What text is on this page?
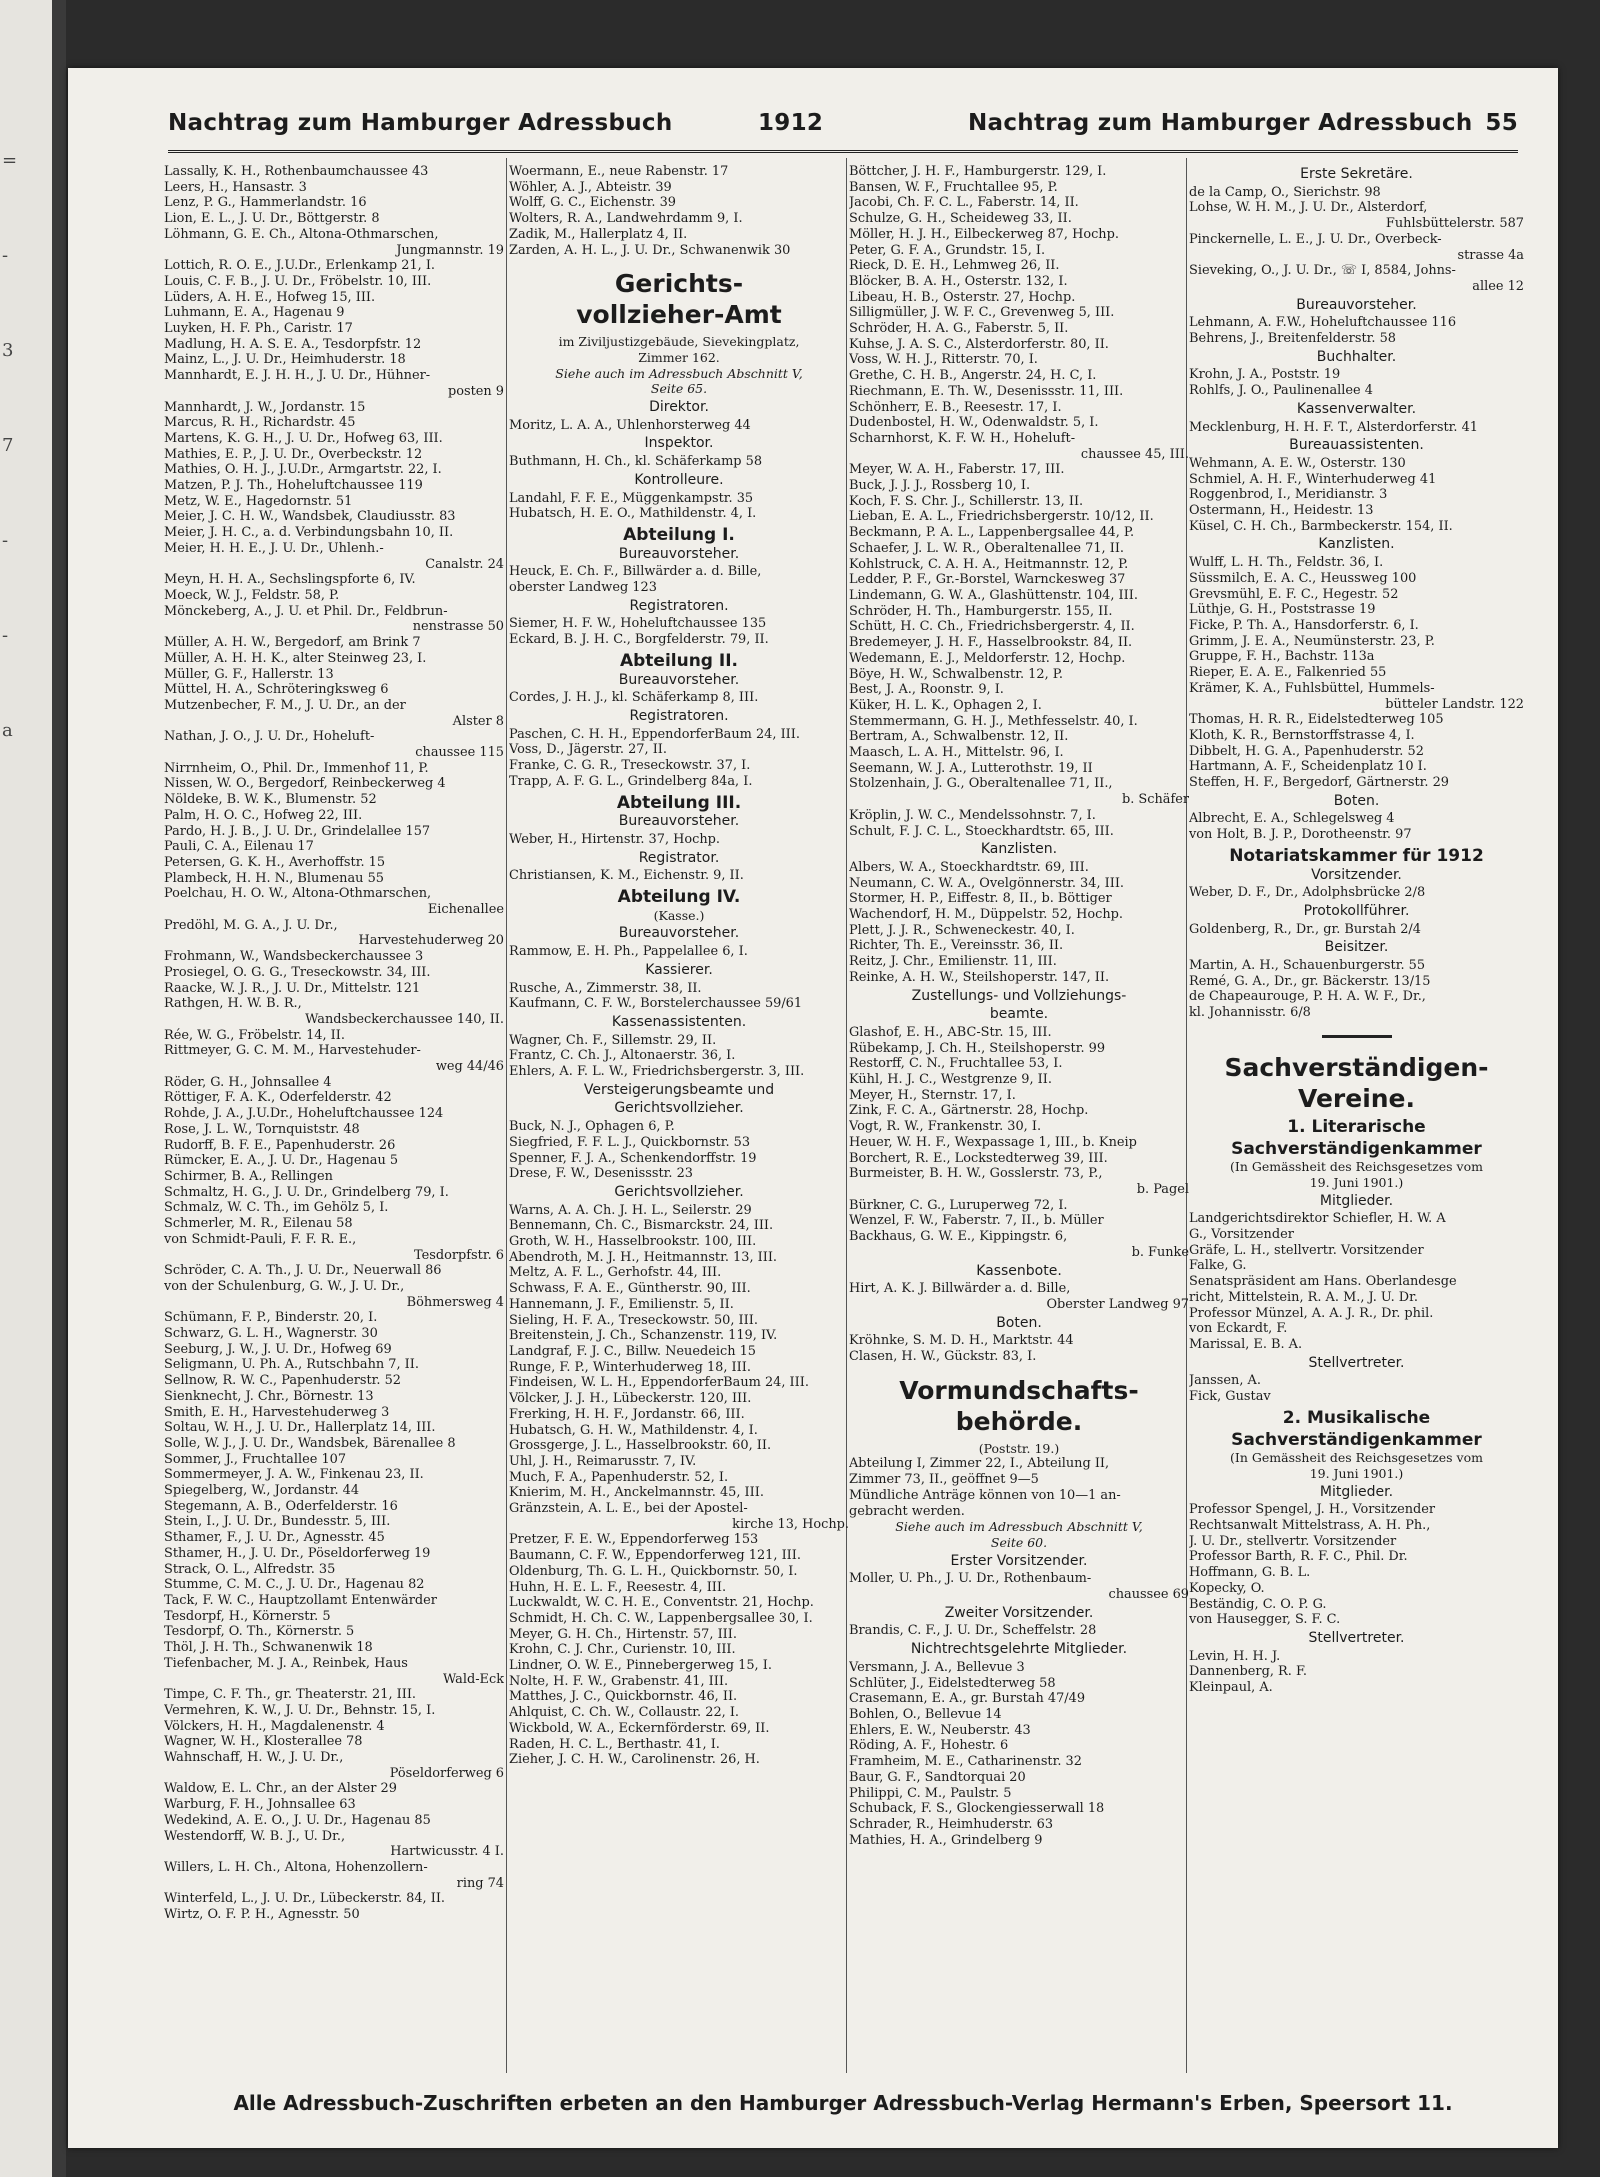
=
-
3
7
-
-
a
Nachtrag zum Hamburger Adressbuch	1912	Nachtrag zum Hamburger Adressbuch 55
Lassally, K. H., Rothenbaumchaussee 43
Leers, H., Hansastr. 3
Lenz, P. G., Hammerlandstr. 16
Lion, E. L., J. U. Dr., Böttgerstr. 8
Löhmann, G. E. Ch., Altona-Othmarschen,
Jungmannstr. 19
Lottich, R. O. E., J.U.Dr., Erlenkamp 21, I.
Louis, C. F. B., J. U. Dr., Fröbelstr. 10, III.
Lüders, A. H. E., Hofweg 15, III.
Luhmann, E. A., Hagenau 9
Luyken, H. F. Ph., Caristr. 17
Madlung, H. A. S. E. A., Tesdorpfstr. 12
Mainz, L., J. U. Dr., Heimhuderstr. 18
Mannhardt, E. J. H. H., J. U. Dr., Hühner-
posten 9
Mannhardt, J. W., Jordanstr. 15
Marcus, R. H., Richardstr. 45
Martens, K. G. H., J. U. Dr., Hofweg 63, III.
Mathies, E. P., J. U. Dr., Overbeckstr. 12
Mathies, O. H. J., J.U.Dr., Armgartstr. 22, I.
Matzen, P. J. Th., Hoheluftchaussee 119
Metz, W. E., Hagedornstr. 51
Meier, J. C. H. W., Wandsbek, Claudiusstr. 83
Meier, J. H. C., a. d. Verbindungsbahn 10, II.
Meier, H. H. E., J. U. Dr., Uhlenh.-
Canalstr. 24
Meyn, H. H. A., Sechslingspforte 6, IV.
Moeck, W. J., Feldstr. 58, P.
Mönckeberg, A., J. U. et Phil. Dr., Feldbrun-
nenstrasse 50
Müller, A. H. W., Bergedorf, am Brink 7
Müller, A. H. H. K., alter Steinweg 23, I.
Müller, G. F., Hallerstr. 13
Müttel, H. A., Schröteringksweg 6
Mutzenbecher, F. M., J. U. Dr., an der
Alster 8
Nathan, J. O., J. U. Dr., Hoheluft-
chaussee 115
Nirrnheim, O., Phil. Dr., Immenhof 11, P.
Nissen, W. O., Bergedorf, Reinbeckerweg 4
Nöldeke, B. W. K., Blumenstr. 52
Palm, H. O. C., Hofweg 22, III.
Pardo, H. J. B., J. U. Dr., Grindelallee 157
Pauli, C. A., Eilenau 17
Petersen, G. K. H., Averhoffstr. 15
Plambeck, H. H. N., Blumenau 55
Poelchau, H. O. W., Altona-Othmarschen,
Eichenallee
Predöhl, M. G. A., J. U. Dr.,
Harvestehuderweg 20
Frohmann, W., Wandsbeckerchaussee 3
Prosiegel, O. G. G., Treseckowstr. 34, III.
Raacke, W. J. R., J. U. Dr., Mittelstr. 121
Rathgen, H. W. B. R.,
Wandsbeckerchaussee 140, II.
Rée, W. G., Fröbelstr. 14, II.
Rittmeyer, G. C. M. M., Harvestehuder-
weg 44/46
Röder, G. H., Johnsallee 4
Röttiger, F. A. K., Oderfelderstr. 42
Rohde, J. A., J.U.Dr., Hoheluftchaussee 124
Rose, J. L. W., Tornquiststr. 48
Rudorff, B. F. E., Papenhuderstr. 26
Rümcker, E. A., J. U. Dr., Hagenau 5
Schirmer, B. A., Rellingen
Schmaltz, H. G., J. U. Dr., Grindelberg 79, I.
Schmalz, W. C. Th., im Gehölz 5, I.
Schmerler, M. R., Eilenau 58
von Schmidt-Pauli, F. F. R. E.,
Tesdorpfstr. 6
Schröder, C. A. Th., J. U. Dr., Neuerwall 86
von der Schulenburg, G. W., J. U. Dr.,
Böhmersweg 4
Schümann, F. P., Binderstr. 20, I.
Schwarz, G. L. H., Wagnerstr. 30
Seeburg, J. W., J. U. Dr., Hofweg 69
Seligmann, U. Ph. A., Rutschbahn 7, II.
Sellnow, R. W. C., Papenhuderstr. 52
Sienknecht, J. Chr., Börnestr. 13
Smith, E. H., Harvestehuderweg 3
Soltau, W. H., J. U. Dr., Hallerplatz 14, III.
Solle, W. J., J. U. Dr., Wandsbek, Bärenallee 8
Sommer, J., Fruchtallee 107
Sommermeyer, J. A. W., Finkenau 23, II.
Spiegelberg, W., Jordanstr. 44
Stegemann, A. B., Oderfelderstr. 16
Stein, I., J. U. Dr., Bundesstr. 5, III.
Sthamer, F., J. U. Dr., Agnesstr. 45
Sthamer, H., J. U. Dr., Pöseldorferweg 19
Strack, O. L., Alfredstr. 35
Stumme, C. M. C., J. U. Dr., Hagenau 82
Tack, F. W. C., Hauptzollamt Entenwärder
Tesdorpf, H., Körnerstr. 5
Tesdorpf, O. Th., Körnerstr. 5
Thöl, J. H. Th., Schwanenwik 18
Tiefenbacher, M. J. A., Reinbek, Haus
Wald-Eck
Timpe, C. F. Th., gr. Theaterstr. 21, III.
Vermehren, K. W., J. U. Dr., Behnstr. 15, I.
Völckers, H. H., Magdalenenstr. 4
Wagner, W. H., Klosterallee 78
Wahnschaff, H. W., J. U. Dr.,
Pöseldorferweg 6
Waldow, E. L. Chr., an der Alster 29
Warburg, F. H., Johnsallee 63
Wedekind, A. E. O., J. U. Dr., Hagenau 85
Westendorff, W. B. J., U. Dr.,
Hartwicusstr. 4 I.
Willers, L. H. Ch., Altona, Hohenzollern-
ring 74
Winterfeld, L., J. U. Dr., Lübeckerstr. 84, II.
Wirtz, O. F. P. H., Agnesstr. 50
Woermann, E., neue Rabenstr. 17
Wöhler, A. J., Abteistr. 39
Wolff, G. C., Eichenstr. 39
Wolters, R. A., Landwehrdamm 9, I.
Zadik, M., Hallerplatz 4, II.
Zarden, A. H. L., J. U. Dr., Schwanenwik 30
Gerichts-
vollzieher-Amt
im Ziviljustizgebäude, Sievekingplatz,
Zimmer 162.
Siehe auch im Adressbuch Abschnitt V,
Seite 65.
Direktor.
Moritz, L. A. A., Uhlenhorsterweg 44
Inspektor.
Buthmann, H. Ch., kl. Schäferkamp 58
Kontrolleure.
Landahl, F. F. E., Müggenkampstr. 35
Hubatsch, H. E. O., Mathildenstr. 4, I.
Abteilung I.
Bureauvorsteher.
Heuck, E. Ch. F., Billwärder a. d. Bille,
oberster Landweg 123
Registratoren.
Siemer, H. F. W., Hoheluftchaussee 135
Eckard, B. J. H. C., Borgfelderstr. 79, II.
Abteilung II.
Bureauvorsteher.
Cordes, J. H. J., kl. Schäferkamp 8, III.
Registratoren.
Paschen, C. H. H., EppendorferBaum 24, III.
Voss, D., Jägerstr. 27, II.
Franke, C. G. R., Treseckowstr. 37, I.
Trapp, A. F. G. L., Grindelberg 84a, I.
Abteilung III.
Bureauvorsteher.
Weber, H., Hirtenstr. 37, Hochp.
Registrator.
Christiansen, K. M., Eichenstr. 9, II.
Abteilung IV.
(Kasse.)
Bureauvorsteher.
Rammow, E. H. Ph., Pappelallee 6, I.
Kassierer.
Rusche, A., Zimmerstr. 38, II.
Kaufmann, C. F. W., Borstelerchaussee 59/61
Kassenassistenten.
Wagner, Ch. F., Sillemstr. 29, II.
Frantz, C. Ch. J., Altonaerstr. 36, I.
Ehlers, A. F. L. W., Friedrichsbergerstr. 3, III.
Versteigerungsbeamte und
Gerichtsvollzieher.
Buck, N. J., Ophagen 6, P.
Siegfried, F. F. L. J., Quickbornstr. 53
Spenner, F. J. A., Schenkendorffstr. 19
Drese, F. W., Desenissstr. 23
Gerichtsvollzieher.
Warns, A. A. Ch. J. H. L., Seilerstr. 29
Bennemann, Ch. C., Bismarckstr. 24, III.
Groth, W. H., Hasselbrookstr. 100, III.
Abendroth, M. J. H., Heitmannstr. 13, III.
Meltz, A. F. L., Gerhofstr. 44, III.
Schwass, F. A. E., Güntherstr. 90, III.
Hannemann, J. F., Emilienstr. 5, II.
Sieling, H. F. A., Treseckowstr. 50, III.
Breitenstein, J. Ch., Schanzenstr. 119, IV.
Landgraf, F. J. C., Billw. Neuedeich 15
Runge, F. P., Winterhuderweg 18, III.
Findeisen, W. L. H., EppendorferBaum 24, III.
Völcker, J. J. H., Lübeckerstr. 120, III.
Frerking, H. H. F., Jordanstr. 66, III.
Hubatsch, G. H. W., Mathildenstr. 4, I.
Grossgerge, J. L., Hasselbrookstr. 60, II.
Uhl, J. H., Reimarusstr. 7, IV.
Much, F. A., Papenhuderstr. 52, I.
Knierim, M. H., Anckelmannstr. 45, III.
Gränzstein, A. L. E., bei der Apostel-
kirche 13, Hochp.
Pretzer, F. E. W., Eppendorferweg 153
Baumann, C. F. W., Eppendorferweg 121, III.
Oldenburg, Th. G. L. H., Quickbornstr. 50, I.
Huhn, H. E. L. F., Reesestr. 4, III.
Luckwaldt, W. C. H. E., Conventstr. 21, Hochp.
Schmidt, H. Ch. C. W., Lappenbergsallee 30, I.
Meyer, G. H. Ch., Hirtenstr. 57, III.
Krohn, C. J. Chr., Curienstr. 10, III.
Lindner, O. W. E., Pinnebergerweg 15, I.
Nolte, H. F. W., Grabenstr. 41, III.
Matthes, J. C., Quickbornstr. 46, II.
Ahlquist, C. Ch. W., Collaustr. 22, I.
Wickbold, W. A., Eckernförderstr. 69, II.
Raden, H. C. L., Berthastr. 41, I.
Zieher, J. C. H. W., Carolinenstr. 26, H.
Böttcher, J. H. F., Hamburgerstr. 129, I.
Bansen, W. F., Fruchtallee 95, P.
Jacobi, Ch. F. C. L., Faberstr. 14, II.
Schulze, G. H., Scheideweg 33, II.
Möller, H. J. H., Eilbeckerweg 87, Hochp.
Peter, G. F. A., Grundstr. 15, I.
Rieck, D. E. H., Lehmweg 26, II.
Blöcker, B. A. H., Osterstr. 132, I.
Libeau, H. B., Osterstr. 27, Hochp.
Silligmüller, J. W. F. C., Grevenweg 5, III.
Schröder, H. A. G., Faberstr. 5, II.
Kuhse, J. A. S. C., Alsterdorferstr. 80, II.
Voss, W. H. J., Ritterstr. 70, I.
Grethe, C. H. B., Angerstr. 24, H. C, I.
Riechmann, E. Th. W., Desenissstr. 11, III.
Schönherr, E. B., Reesestr. 17, I.
Dudenbostel, H. W., Odenwaldstr. 5, I.
Scharnhorst, K. F. W. H., Hoheluft-
chaussee 45, III.
Meyer, W. A. H., Faberstr. 17, III.
Buck, J. J. J., Rossberg 10, I.
Koch, F. S. Chr. J., Schillerstr. 13, II.
Lieban, E. A. L., Friedrichsbergerstr. 10/12, II.
Beckmann, P. A. L., Lappenbergsallee 44, P.
Schaefer, J. L. W. R., Oberaltenallee 71, II.
Kohlstruck, C. A. H. A., Heitmannstr. 12, P.
Ledder, P. F., Gr.-Borstel, Warnckesweg 37
Lindemann, G. W. A., Glashüttenstr. 104, III.
Schröder, H. Th., Hamburgerstr. 155, II.
Schütt, H. C. Ch., Friedrichsbergerstr. 4, II.
Bredemeyer, J. H. F., Hasselbrookstr. 84, II.
Wedemann, E. J., Meldorferstr. 12, Hochp.
Böye, H. W., Schwalbenstr. 12, P.
Best, J. A., Roonstr. 9, I.
Küker, H. L. K., Ophagen 2, I.
Stemmermann, G. H. J., Methfesselstr. 40, I.
Bertram, A., Schwalbenstr. 12, II.
Maasch, L. A. H., Mittelstr. 96, I.
Seemann, W. J. A., Lutterothstr. 19, II
Stolzenhain, J. G., Oberaltenallee 71, II.,
b. Schäfer
Kröplin, J. W. C., Mendelssohnstr. 7, I.
Schult, F. J. C. L., Stoeckhardtstr. 65, III.
Kanzlisten.
Albers, W. A., Stoeckhardtstr. 69, III.
Neumann, C. W. A., Ovelgönnerstr. 34, III.
Stormer, H. P., Eiffestr. 8, II., b. Böttiger
Wachendorf, H. M., Düppelstr. 52, Hochp.
Plett, J. J. R., Schweneckestr. 40, I.
Richter, Th. E., Vereinsstr. 36, II.
Reitz, J. Chr., Emilienstr. 11, III.
Reinke, A. H. W., Steilshoperstr. 147, II.
Zustellungs- und Vollziehungs-
beamte.
Glashof, E. H., ABC-Str. 15, III.
Rübekamp, J. Ch. H., Steilshoperstr. 99
Restorff, C. N., Fruchtallee 53, I.
Kühl, H. J. C., Westgrenze 9, II.
Meyer, H., Sternstr. 17, I.
Zink, F. C. A., Gärtnerstr. 28, Hochp.
Vogt, R. W., Frankenstr. 30, I.
Heuer, W. H. F., Wexpassage 1, III., b. Kneip
Borchert, R. E., Lockstedterweg 39, III.
Burmeister, B. H. W., Gosslerstr. 73, P.,
b. Pagel
Bürkner, C. G., Luruperweg 72, I.
Wenzel, F. W., Faberstr. 7, II., b. Müller
Backhaus, G. W. E., Kippingstr. 6,
b. Funke
Kassenbote.
Hirt, A. K. J. Billwärder a. d. Bille,
Oberster Landweg 97
Boten.
Kröhnke, S. M. D. H., Marktstr. 44
Clasen, H. W., Gückstr. 83, I.
Vormundschafts-
behörde.
(Poststr. 19.)
Abteilung I, Zimmer 22, I., Abteilung II,
Zimmer 73, II., geöffnet 9—5
Mündliche Anträge können von 10—1 an-
gebracht werden.
Siehe auch im Adressbuch Abschnitt V,
Seite 60.
Erster Vorsitzender.
Moller, U. Ph., J. U. Dr., Rothenbaum-
chaussee 69
Zweiter Vorsitzender.
Brandis, C. F., J. U. Dr., Scheffelstr. 28
Nichtrechtsgelehrte Mitglieder.
Versmann, J. A., Bellevue 3
Schlüter, J., Eidelstedterweg 58
Crasemann, E. A., gr. Burstah 47/49
Bohlen, O., Bellevue 14
Ehlers, E. W., Neuberstr. 43
Röding, A. F., Hohestr. 6
Framheim, M. E., Catharinenstr. 32
Baur, G. F., Sandtorquai 20
Philippi, C. M., Paulstr. 5
Schuback, F. S., Glockengiesserwall 18
Schrader, R., Heimhuderstr. 63
Mathies, H. A., Grindelberg 9
Erste Sekretäre.
de la Camp, O., Sierichstr. 98
Lohse, W. H. M., J. U. Dr., Alsterdorf,
Fuhlsbüttelerstr. 587
Pinckernelle, L. E., J. U. Dr., Overbeck-
strasse 4a
Sieveking, O., J. U. Dr., ☏ I, 8584, Johns-
allee 12
Bureauvorsteher.
Lehmann, A. F.W., Hoheluftchaussee 116
Behrens, J., Breitenfelderstr. 58
Buchhalter.
Krohn, J. A., Poststr. 19
Rohlfs, J. O., Paulinenallee 4
Kassenverwalter.
Mecklenburg, H. H. F. T., Alsterdorferstr. 41
Bureauassistenten.
Wehmann, A. E. W., Osterstr. 130
Schmiel, A. H. F., Winterhuderweg 41
Roggenbrod, I., Meridianstr. 3
Ostermann, H., Heidestr. 13
Küsel, C. H. Ch., Barmbeckerstr. 154, II.
Kanzlisten.
Wulff, L. H. Th., Feldstr. 36, I.
Süssmilch, E. A. C., Heussweg 100
Grevsmühl, E. F. C., Hegestr. 52
Lüthje, G. H., Poststrasse 19
Ficke, P. Th. A., Hansdorferstr. 6, I.
Grimm, J. E. A., Neumünsterstr. 23, P.
Gruppe, F. H., Bachstr. 113a
Rieper, E. A. E., Falkenried 55
Krämer, K. A., Fuhlsbüttel, Hummels-
bütteler Landstr. 122
Thomas, H. R. R., Eidelstedterweg 105
Kloth, K. R., Bernstorffstrasse 4, I.
Dibbelt, H. G. A., Papenhuderstr. 52
Hartmann, A. F., Scheidenplatz 10 I.
Steffen, H. F., Bergedorf, Gärtnerstr. 29
Boten.
Albrecht, E. A., Schlegelsweg 4
von Holt, B. J. P., Dorotheenstr. 97
Notariatskammer für 1912
Vorsitzender.
Weber, D. F., Dr., Adolphsbrücke 2/8
Protokollführer.
Goldenberg, R., Dr., gr. Burstah 2/4
Beisitzer.
Martin, A. H., Schauenburgerstr. 55
Remé, G. A., Dr., gr. Bäckerstr. 13/15
de Chapeaurouge, P. H. A. W. F., Dr.,
kl. Johannisstr. 6/8
Sachverständigen-
Vereine.
1. Literarische
Sachverständigenkammer
(In Gemässheit des Reichsgesetzes vom
19. Juni 1901.)
Mitglieder.
Landgerichtsdirektor Schiefler, H. W. A
G., Vorsitzender
Gräfe, L. H., stellvertr. Vorsitzender
Falke, G.
Senatspräsident am Hans. Oberlandesge
richt, Mittelstein, R. A. M., J. U. Dr.
Professor Münzel, A. A. J. R., Dr. phil.
von Eckardt, F.
Marissal, E. B. A.
Stellvertreter.
Janssen, A.
Fick, Gustav
2. Musikalische
Sachverständigenkammer
(In Gemässheit des Reichsgesetzes vom
19. Juni 1901.)
Mitglieder.
Professor Spengel, J. H., Vorsitzender
Rechtsanwalt Mittelstrass, A. H. Ph.,
J. U. Dr., stellvertr. Vorsitzender
Professor Barth, R. F. C., Phil. Dr.
Hoffmann, G. B. L.
Kopecky, O.
Beständig, C. O. P. G.
von Hausegger, S. F. C.
Stellvertreter.
Levin, H. H. J.
Dannenberg, R. F.
Kleinpaul, A.
Alle Adressbuch-Zuschriften erbeten an den Hamburger Adressbuch-Verlag Hermann's Erben, Speersort 11.
